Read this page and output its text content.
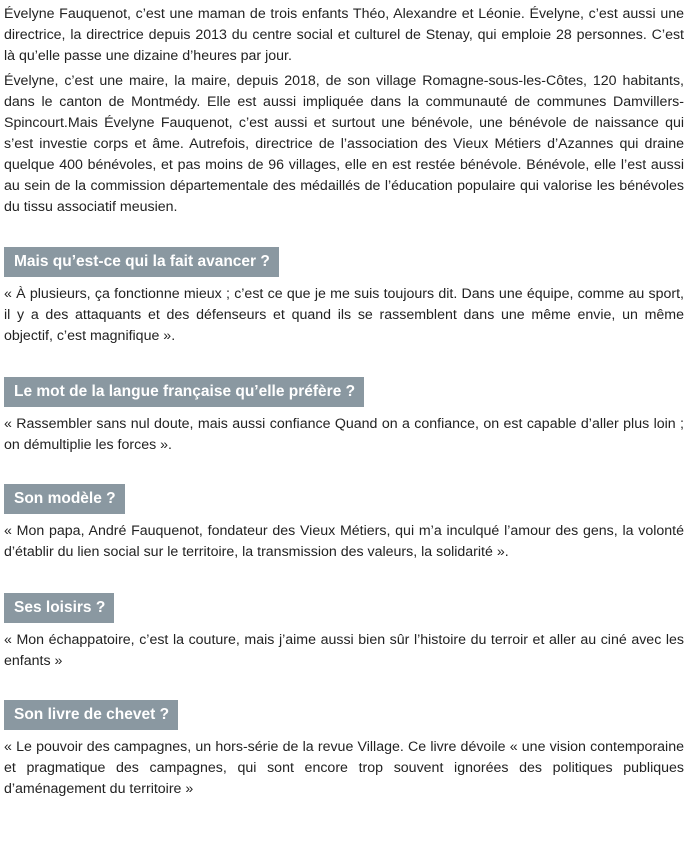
Évelyne Fauquenot, c’est une maman de trois enfants Théo, Alexandre et Léonie. Évelyne, c’est aussi une directrice, la directrice depuis 2013 du centre social et culturel de Stenay, qui emploie 28 personnes. C’est là qu’elle passe une dizaine d’heures par jour.

Évelyne, c’est une maire, la maire, depuis 2018, de son village Romagne-sous-les-Côtes, 120 habitants, dans le canton de Montmédy. Elle est aussi impliquée dans la communauté de communes Damvillers-Spincourt.Mais Évelyne Fauquenot, c’est aussi et surtout une bénévole, une bénévole de naissance qui s’est investie corps et âme. Autrefois, directrice de l’association des Vieux Métiers d’Azannes qui draine quelque 400 bénévoles, et pas moins de 96 villages, elle en est restée bénévole. Bénévole, elle l’est aussi au sein de la commission départementale des médaillés de l’éducation populaire qui valorise les bénévoles du tissu associatif meusien.

Mais qu’est-ce qui la fait avancer ?

« À plusieurs, ça fonctionne mieux ; c’est ce que je me suis toujours dit. Dans une équipe, comme au sport, il y a des attaquants et des défenseurs et quand ils se rassemblent dans une même envie, un même objectif, c’est magnifique ».

Le mot de la langue française qu’elle préfère ?

« Rassembler sans nul doute, mais aussi confiance Quand on a confiance, on est capable d’aller plus loin ; on démultiplie les forces ».

Son modèle ?

« Mon papa, André Fauquenot, fondateur des Vieux Métiers, qui m’a inculqué l’amour des gens, la volonté d’établir du lien social sur le territoire, la transmission des valeurs, la solidarité ».

Ses loisirs ?

« Mon échappatoire, c’est la couture, mais j’aime aussi bien sûr l’histoire du terroir et aller au ciné avec les enfants »

Son livre de chevet ?

« Le pouvoir des campagnes, un hors-série de la revue Village. Ce livre dévoile « une vision contemporaine et pragmatique des campagnes, qui sont encore trop souvent ignorées des politiques publiques d’aménagement du territoire »
